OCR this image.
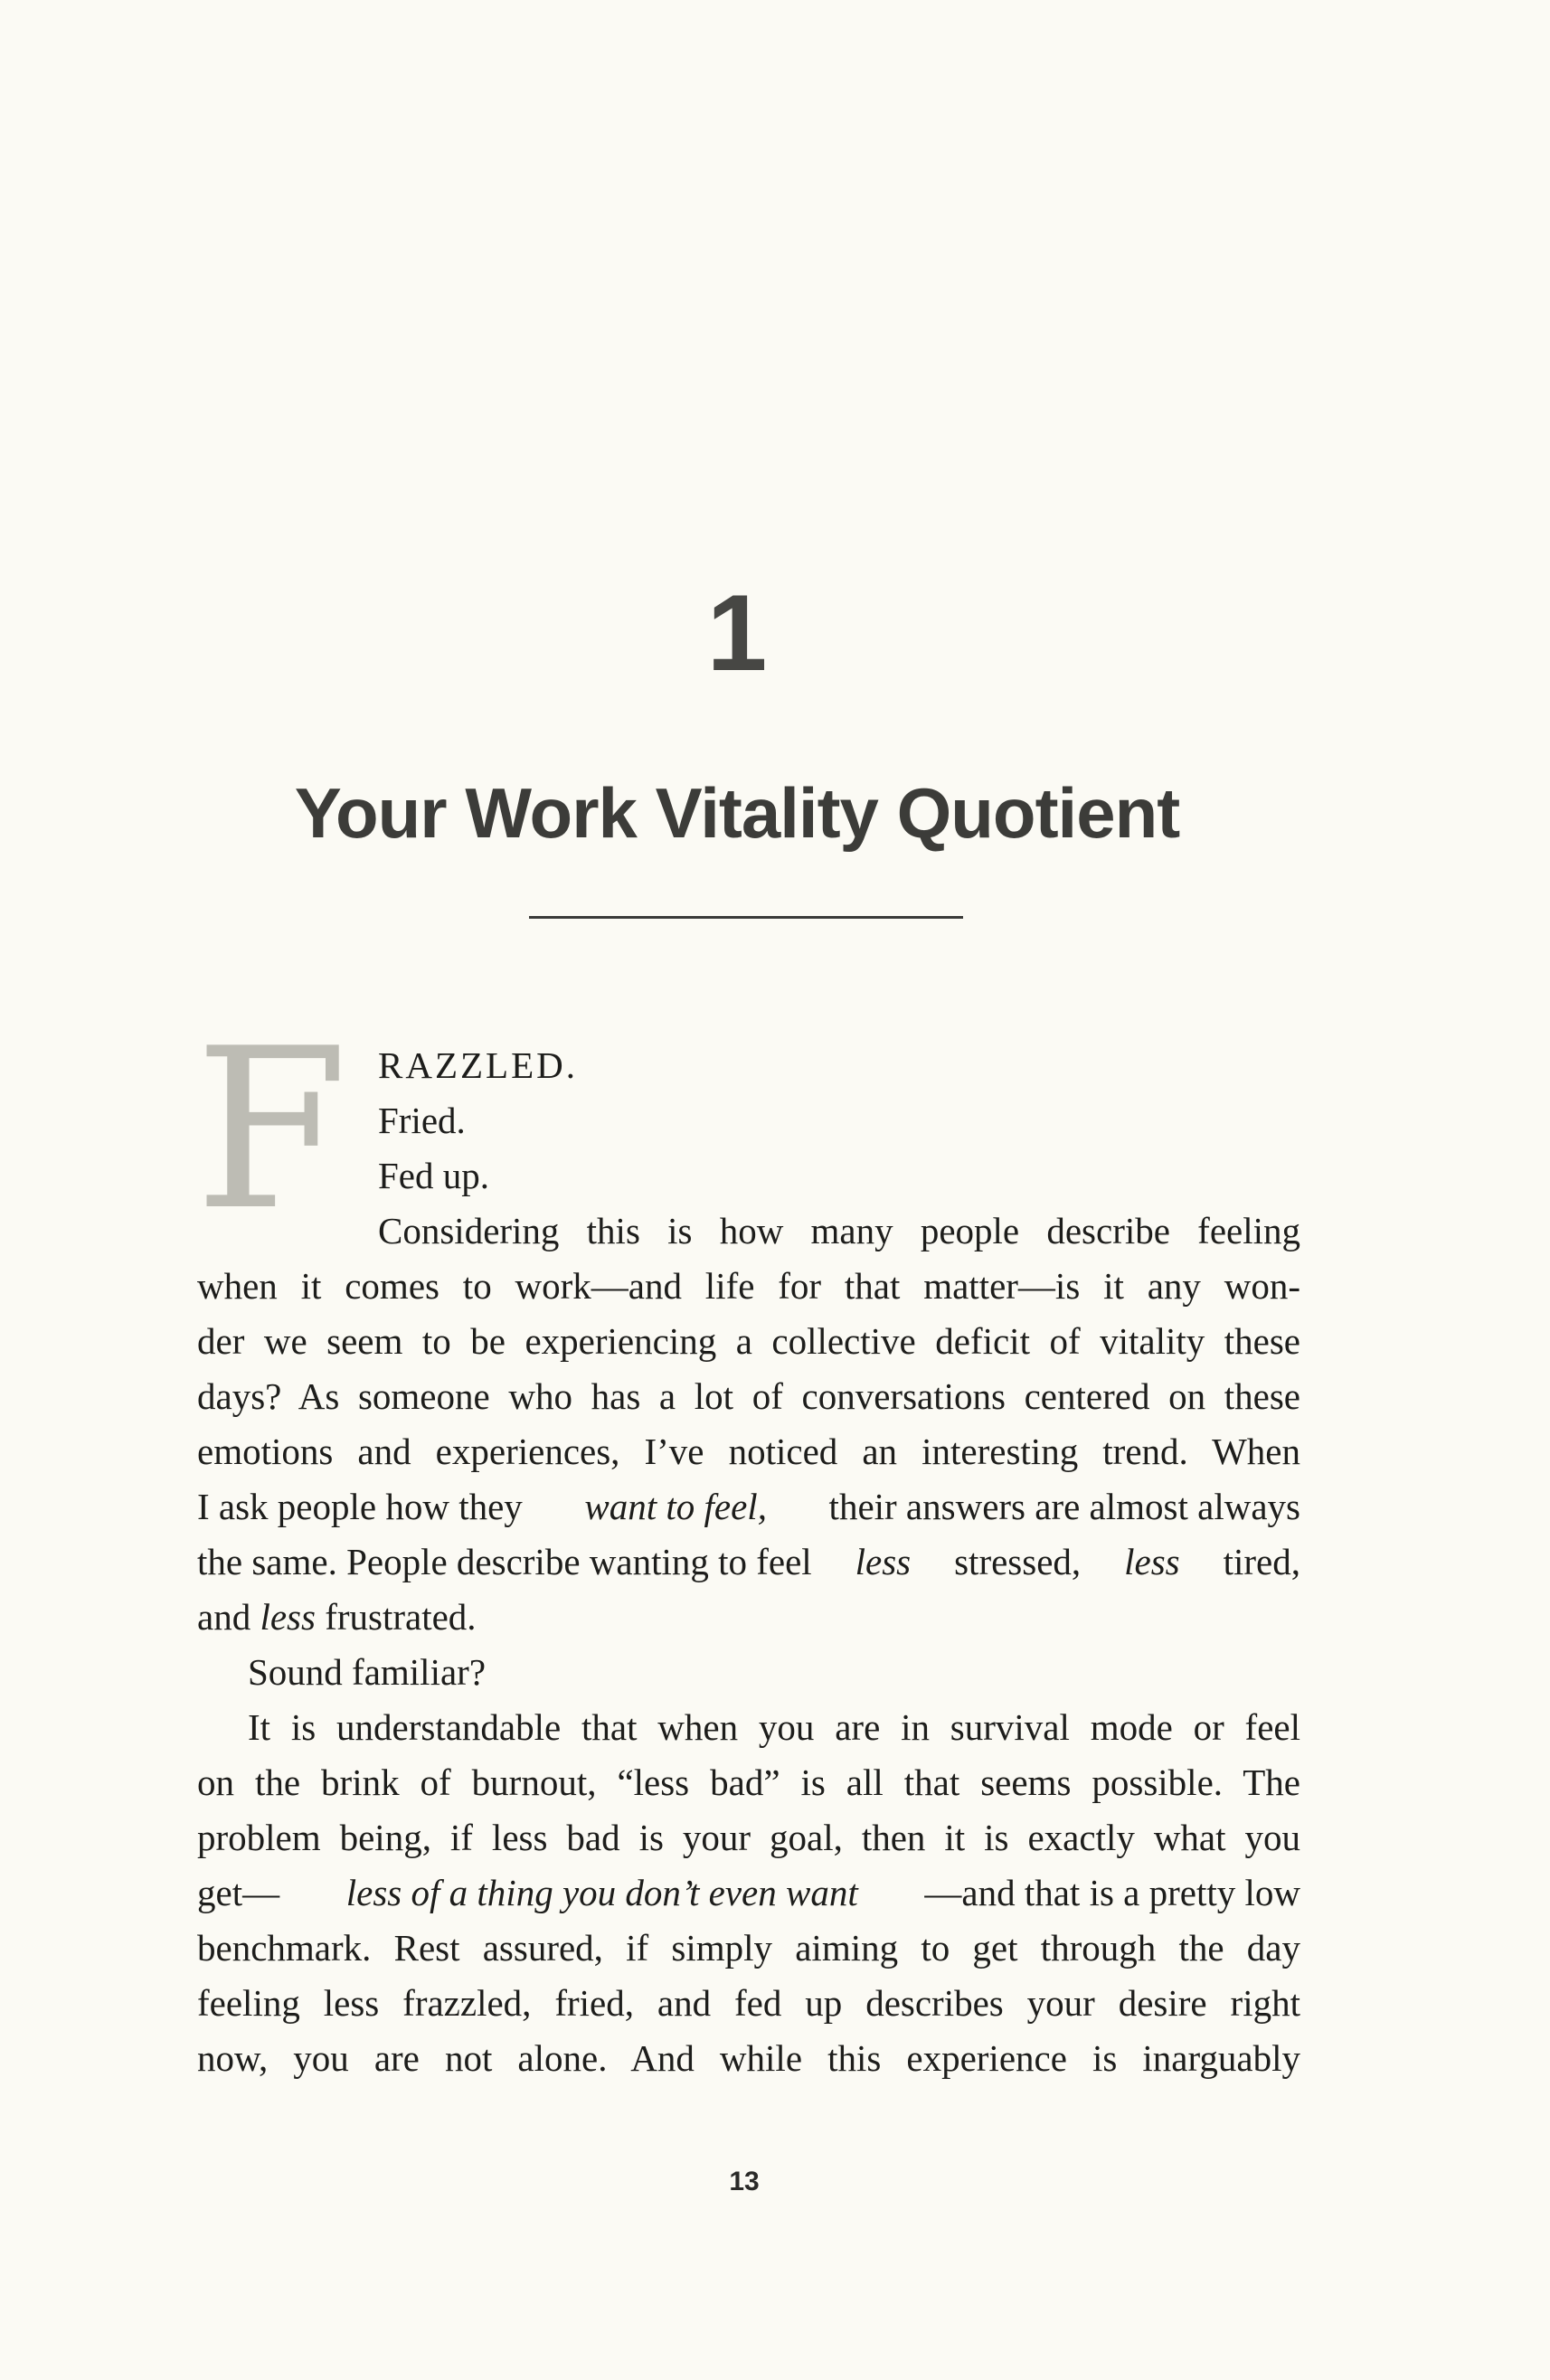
1
Your Work Vitality Quotient
F RAZZLED.
Fried.
Fed up.
Considering this is how many people describe feeling
when it comes to work—and life for that matter—is it any won-
der we seem to be experiencing a collective deficit of vitality these
days? As someone who has a lot of conversations centered on these
emotions and experiences, I’ve noticed an interesting trend. When
I ask people how they want to feel, their answers are almost always
the same. People describe wanting to feel less stressed, less tired,
and
less
frustrated.
Sound familiar?
It is understandable that when you are in survival mode or feel
on the brink of burnout, “less bad” is all that seems possible. The
problem being, if less bad is your goal, then it is exactly what you
get— less of a thing you don’t even want —and that is a pretty low
benchmark. Rest assured, if simply aiming to get through the day
feeling less frazzled, fried, and fed up describes your desire right
now, you are not alone. And while this experience is inarguably
13
